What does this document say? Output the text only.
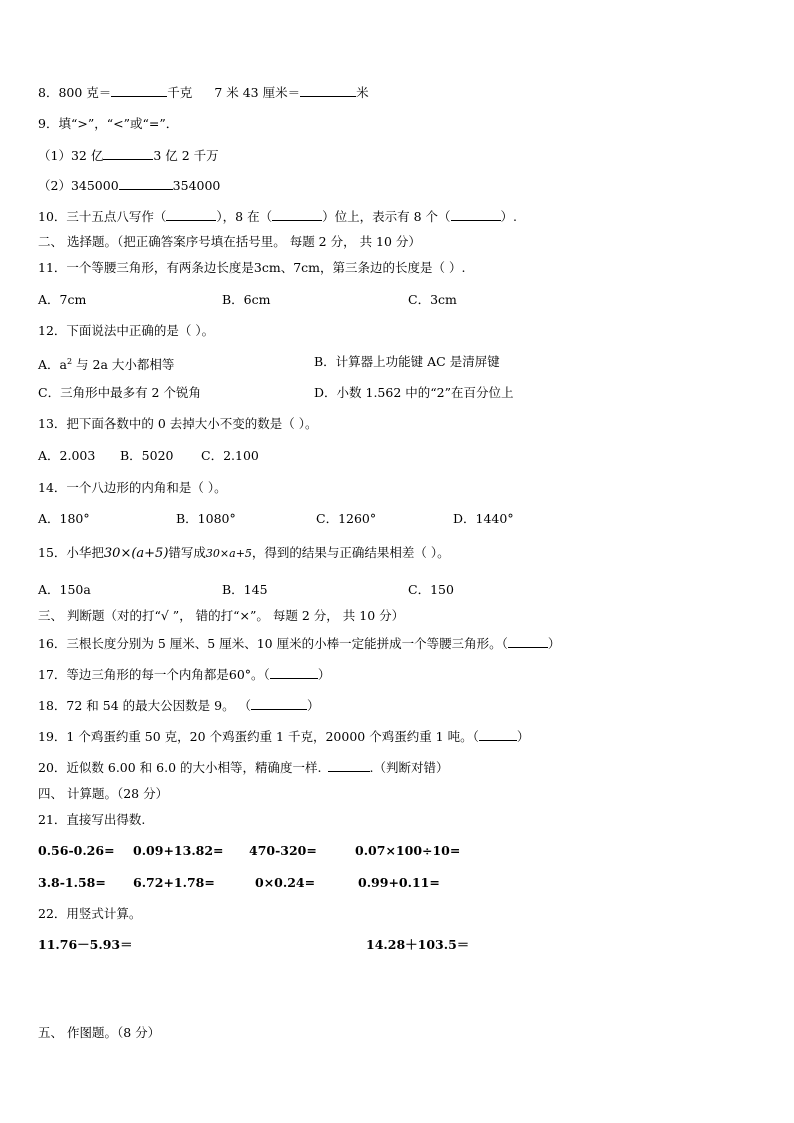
8．800 克＝	千克 7 米 43 厘米＝	米
9．填“>”，“<”或“=”．
（1）32 亿	3 亿 2 千万
（2）345000	354000
10．三十五点八写作（	），8 在（	）位上，表示有 8 个（	）.
二、 选择题。（把正确答案序号填在括号里。 每题 2 分， 共 10 分）
11．一个等腰三角形，有两条边长度是3cm、7cm，第三条边的长度是（ ）.
A．7cm	B．6cm	C．3cm
12．下面说法中正确的是（ ）。
A．$a^2$ 与 2a 大小都相等	B．计算器上功能键 AC 是清屏键
C．三角形中最多有 2 个锐角	D．小数 1.562 中的“2”在百分位上
13．把下面各数中的 0 去掉大小不变的数是（ ）。
A．2.003 B．5020 C．2.100
14．一个八边形的内角和是（ ）。
A．180°	B．1080°	C．1260°	D．1440°
15．小华把30×(a+5)错写成30×a+5，得到的结果与正确结果相差（ ）。
A．150a	B．145	C．150
三、 判断题（对的打“√ ”， 错的打“×”。 每题 2 分， 共 10 分）
16．三根长度分别为 5 厘米、5 厘米、10 厘米的小棒一定能拼成一个等腰三角形。（	）
17．等边三角形的每一个内角都是60°。（	）
18．72 和 54 的最大公因数是 9。 （	）
19．1 个鸡蛋约重 50 克，20 个鸡蛋约重 1 千克，20000 个鸡蛋约重 1 吨。（	）
20．近似数 6.00 和 6.0 的大小相等，精确度一样.	.（判断对错）
四、 计算题。（28 分）
21．直接写出得数.
0.56-0.26= 0.09+13.82= 470-320=	0.07×100÷10=
3.8-1.58= 6.72+1.78=	0×0.24=	0.99+0.11=
22．用竖式计算。
11.76－5.93＝	14.28＋103.5＝
五、 作图题。（8 分）
